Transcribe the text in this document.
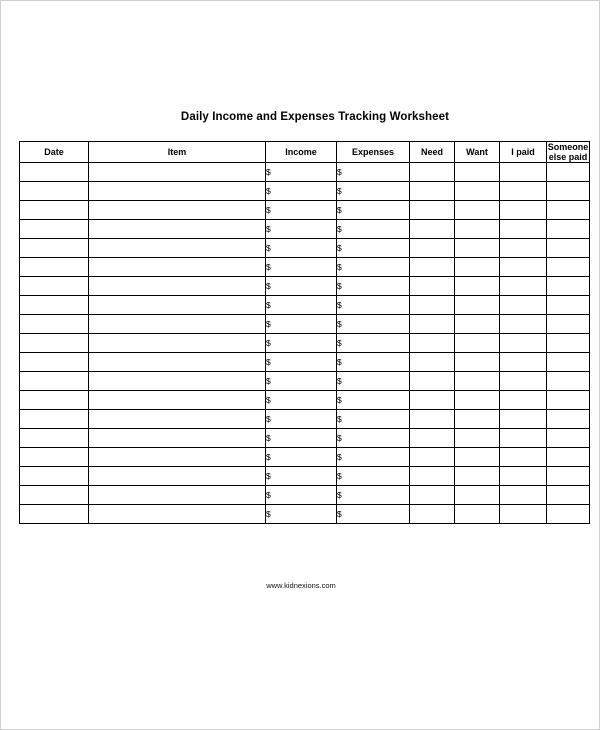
Daily Income and Expenses Tracking Worksheet
Date	Item	Income	Expenses	Need	Want	I paid	Someone else paid
		$	$				
		$	$				
		$	$				
		$	$				
		$	$				
		$	$				
		$	$				
		$	$				
		$	$				
		$	$				
		$	$				
		$	$				
		$	$				
		$	$				
		$	$				
		$	$				
		$	$				
		$	$				
		$	$				
www.kidnexions.com
